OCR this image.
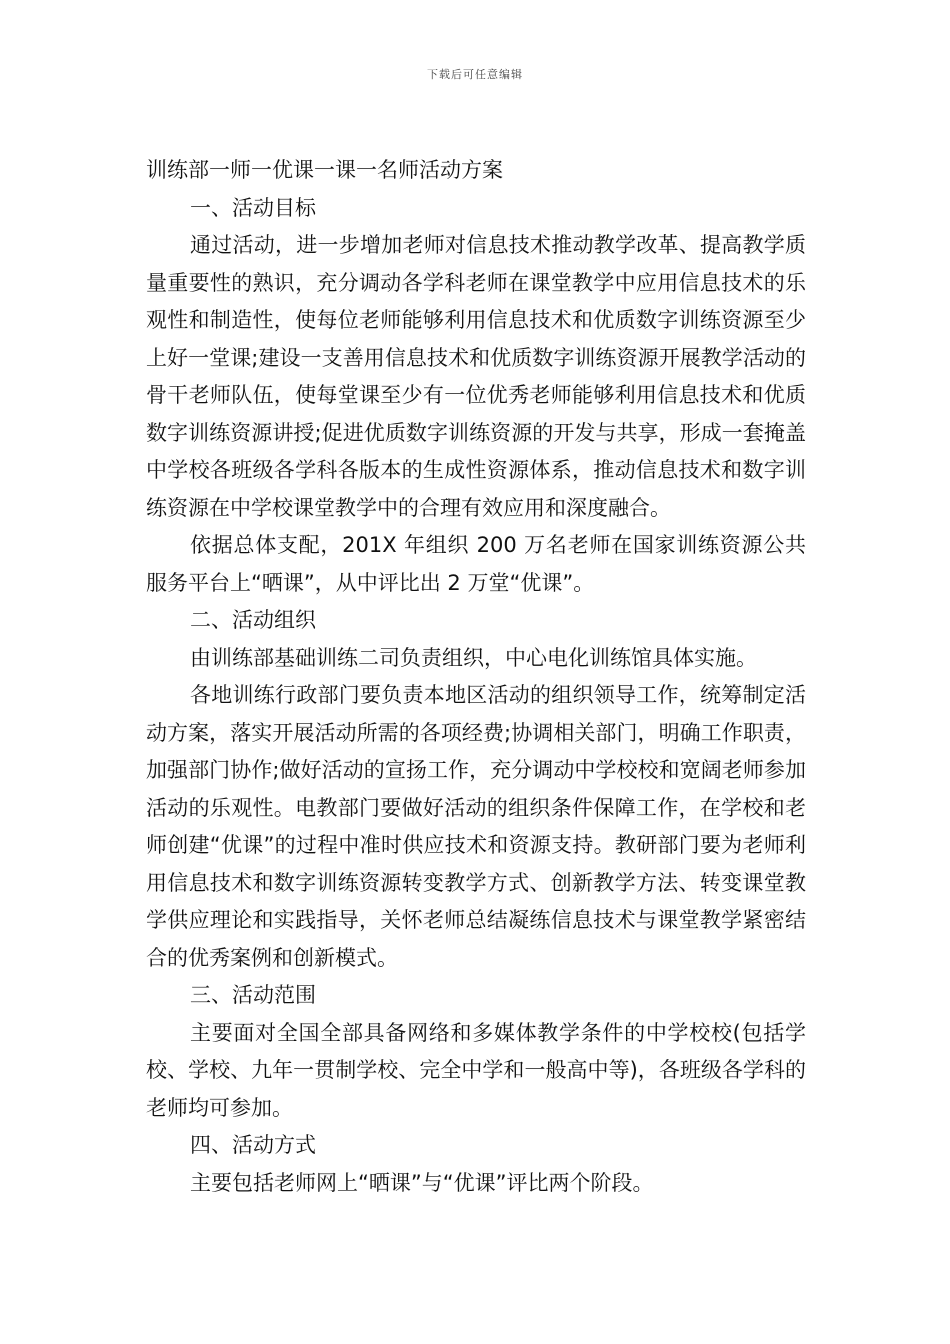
下载后可任意编辑

训练部一师一优课一课一名师活动方案

一、活动目标

通过活动，进一步增加老师对信息技术推动教学改革、提高教学质量重要性的熟识，充分调动各学科老师在课堂教学中应用信息技术的乐观性和制造性，使每位老师能够利用信息技术和优质数字训练资源至少上好一堂课;建设一支善用信息技术和优质数字训练资源开展教学活动的骨干老师队伍，使每堂课至少有一位优秀老师能够利用信息技术和优质数字训练资源讲授;促进优质数字训练资源的开发与共享，形成一套掩盖中学校各班级各学科各版本的生成性资源体系，推动信息技术和数字训练资源在中学校课堂教学中的合理有效应用和深度融合。

依据总体支配，201X 年组织 200 万名老师在国家训练资源公共服务平台上“晒课”，从中评比出 2 万堂“优课”。

二、活动组织

由训练部基础训练二司负责组织，中心电化训练馆具体实施。

各地训练行政部门要负责本地区活动的组织领导工作，统筹制定活动方案，落实开展活动所需的各项经费;协调相关部门，明确工作职责，加强部门协作;做好活动的宣扬工作，充分调动中学校校和宽阔老师参加活动的乐观性。电教部门要做好活动的组织条件保障工作，在学校和老师创建“优课”的过程中准时供应技术和资源支持。教研部门要为老师利用信息技术和数字训练资源转变教学方式、创新教学方法、转变课堂教学供应理论和实践指导，关怀老师总结凝练信息技术与课堂教学紧密结合的优秀案例和创新模式。

三、活动范围

主要面对全国全部具备网络和多媒体教学条件的中学校校(包括学校、学校、九年一贯制学校、完全中学和一般高中等)，各班级各学科的老师均可参加。

四、活动方式

主要包括老师网上“晒课”与“优课”评比两个阶段。
